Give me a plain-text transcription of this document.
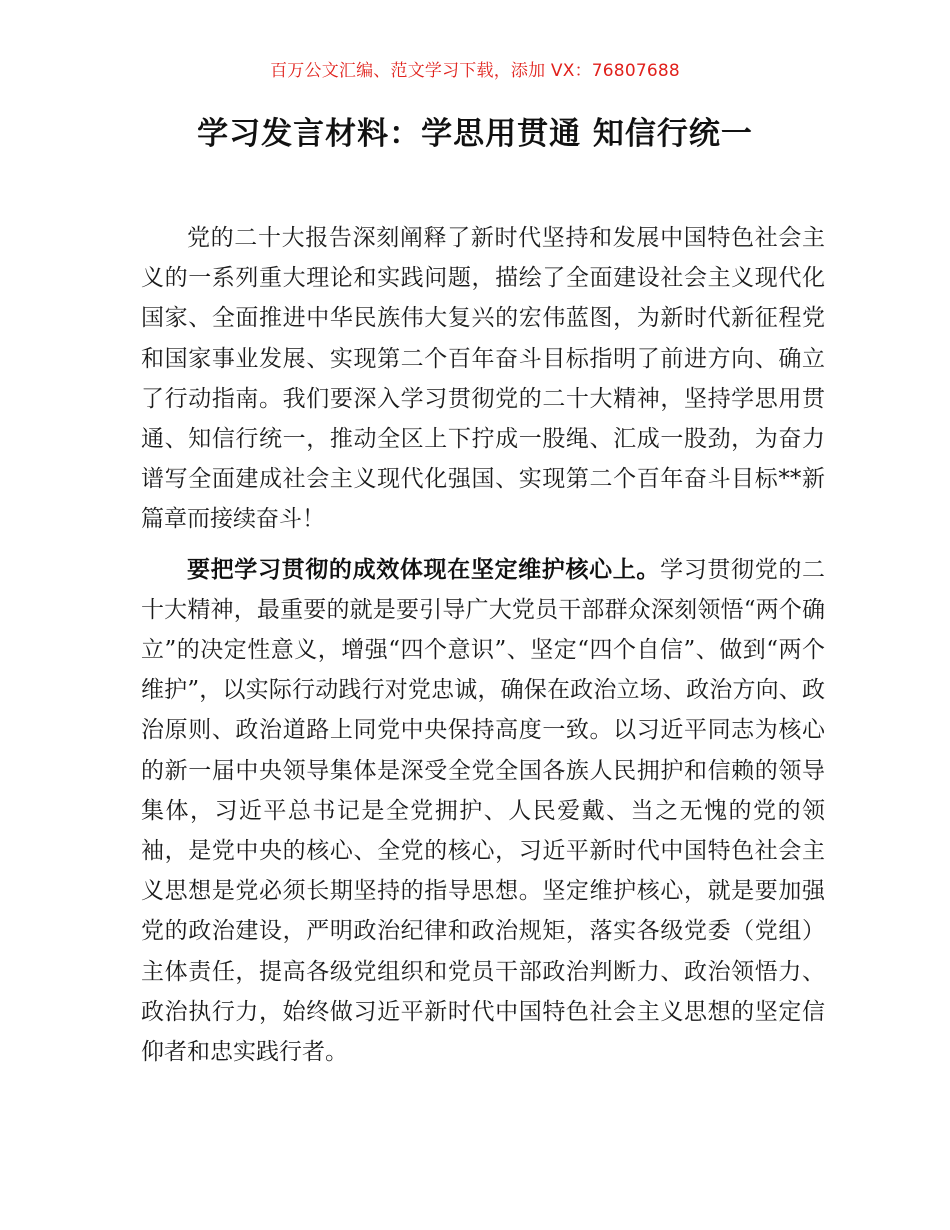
百万公文汇编、范文学习下载，添加 VX：76807688
学习发言材料：学思用贯通 知信行统一

党的二十大报告深刻阐释了新时代坚持和发展中国特色社会主义的一系列重大理论和实践问题，描绘了全面建设社会主义现代化国家、全面推进中华民族伟大复兴的宏伟蓝图，为新时代新征程党和国家事业发展、实现第二个百年奋斗目标指明了前进方向、确立了行动指南。我们要深入学习贯彻党的二十大精神，坚持学思用贯通、知信行统一，推动全区上下拧成一股绳、汇成一股劲，为奋力谱写全面建成社会主义现代化强国、实现第二个百年奋斗目标**新篇章而接续奋斗！

要把学习贯彻的成效体现在坚定维护核心上。学习贯彻党的二十大精神，最重要的就是要引导广大党员干部群众深刻领悟“两个确立”的决定性意义，增强“四个意识”、坚定“四个自信”、做到“两个维护”，以实际行动践行对党忠诚，确保在政治立场、政治方向、政治原则、政治道路上同党中央保持高度一致。以习近平同志为核心的新一届中央领导集体是深受全党全国各族人民拥护和信赖的领导集体，习近平总书记是全党拥护、人民爱戴、当之无愧的党的领袖，是党中央的核心、全党的核心，习近平新时代中国特色社会主义思想是党必须长期坚持的指导思想。坚定维护核心，就是要加强党的政治建设，严明政治纪律和政治规矩，落实各级党委（党组）主体责任，提高各级党组织和党员干部政治判断力、政治领悟力、政治执行力，始终做习近平新时代中国特色社会主义思想的坚定信仰者和忠实践行者。
